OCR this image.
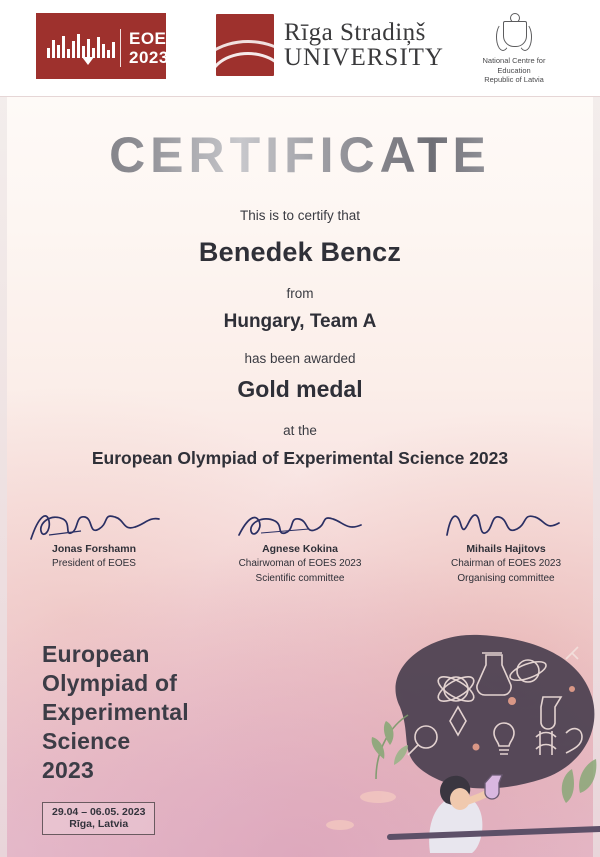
EOES
2023
Rīga Stradiņš
UNIVERSITY	National Centre for
Education
Republic of Latvia
CERTIFICATE

This is to certify that

Benedek Bencz

from

Hungary, Team A

has been awarded

Gold medal

at the

European Olympiad of Experimental Science 2023

Jonas Forshamn
President of EOES
Agnese Kokina
Chairwoman of EOES 2023
Scientific committee
Mihails Hajitovs
Chairman of EOES 2023
Organising committee
European
Olympiad of
Experimental
Science
2023
29.04 – 06.05. 2023
Rīga, Latvia
